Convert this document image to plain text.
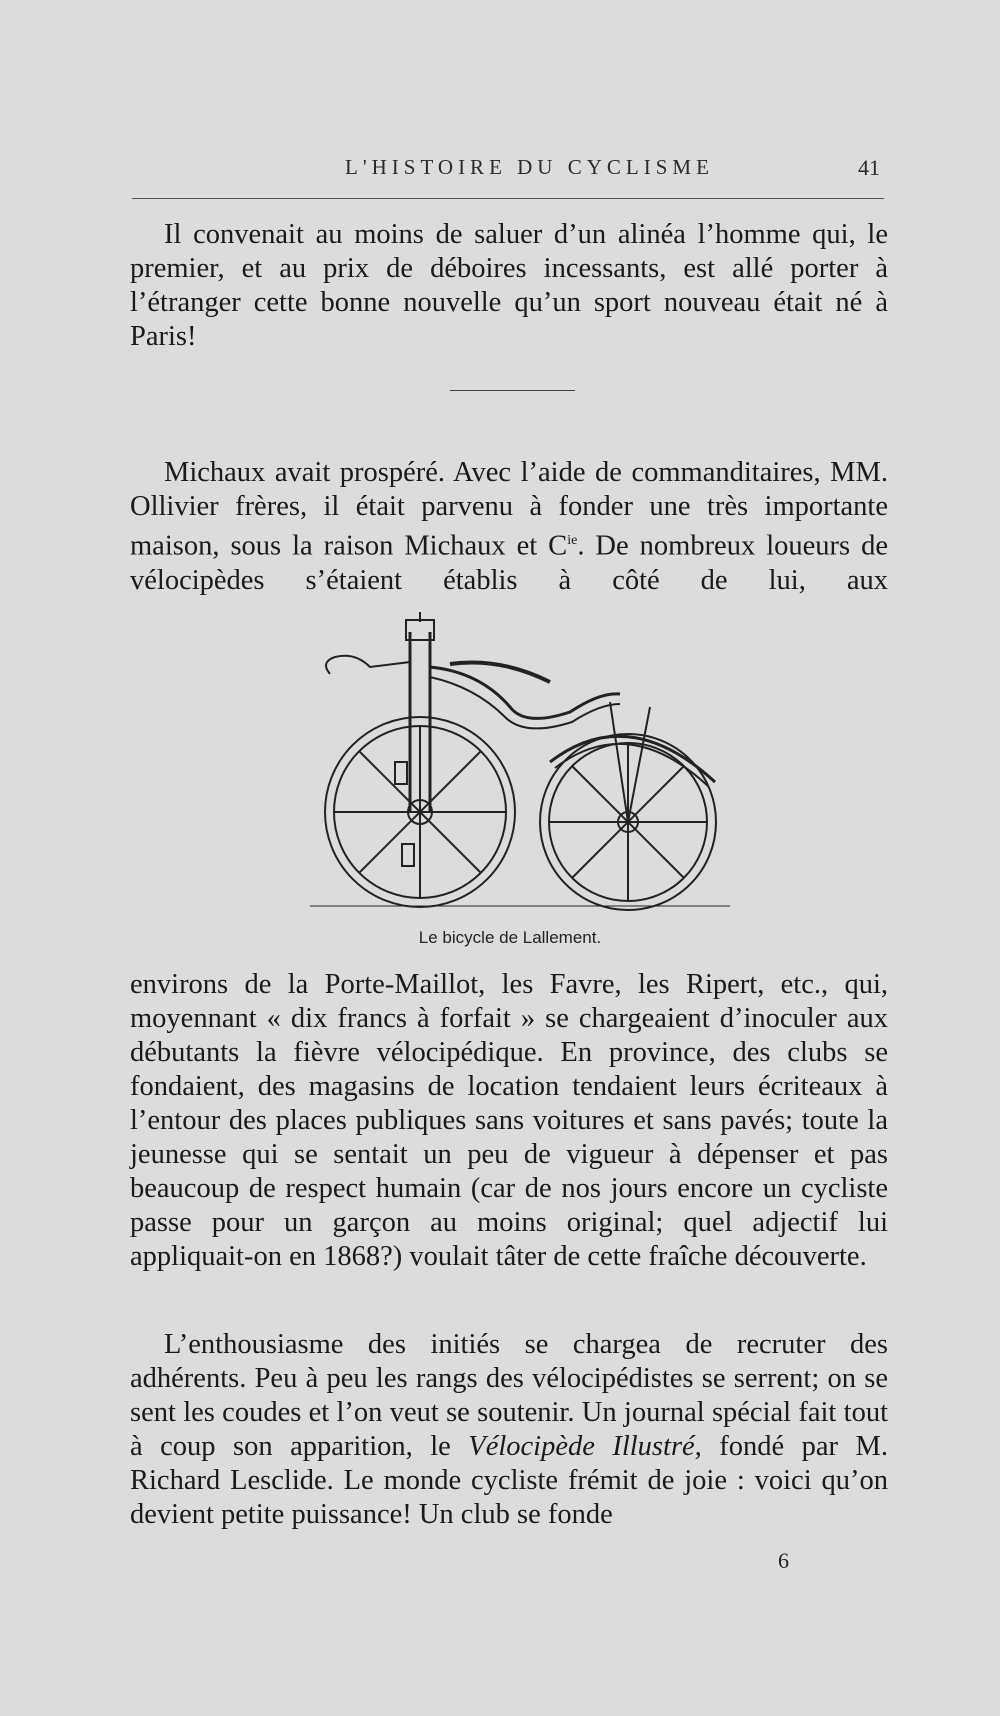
L'HISTOIRE DU CYCLISME	41

Il convenait au moins de saluer d’un alinéa l’homme qui, le premier, et au prix de déboires incessants, est allé porter à l’étranger cette bonne nouvelle qu’un sport nouveau était né à Paris!

Michaux avait prospéré. Avec l’aide de commanditaires, MM. Ollivier frères, il était parvenu à fonder une très importante maison, sous la raison Michaux et $C^{ie}$. De nombreux loueurs de vélocipèdes s’étaient établis à côté de lui, aux

Le bicycle de Lallement.

environs de la Porte-Maillot, les Favre, les Ripert, etc., qui, moyennant « dix francs à forfait » se chargeaient d’inoculer aux débutants la fièvre vélocipédique. En province, des clubs se fondaient, des magasins de location tendaient leurs écriteaux à l’entour des places publiques sans voitures et sans pavés; toute la jeunesse qui se sentait un peu de vigueur à dépenser et pas beaucoup de respect humain (car de nos jours encore un cycliste passe pour un garçon au moins original; quel adjectif lui appliquait-on en 1868?) voulait tâter de cette fraîche découverte.

L’enthousiasme des initiés se chargea de recruter des adhérents. Peu à peu les rangs des vélocipédistes se serrent; on se sent les coudes et l’on veut se soutenir. Un journal spécial fait tout à coup son apparition, le Vélocipède Illustré, fondé par M. Richard Lesclide. Le monde cycliste frémit de joie : voici qu’on devient petite puissance! Un club se fonde

6
